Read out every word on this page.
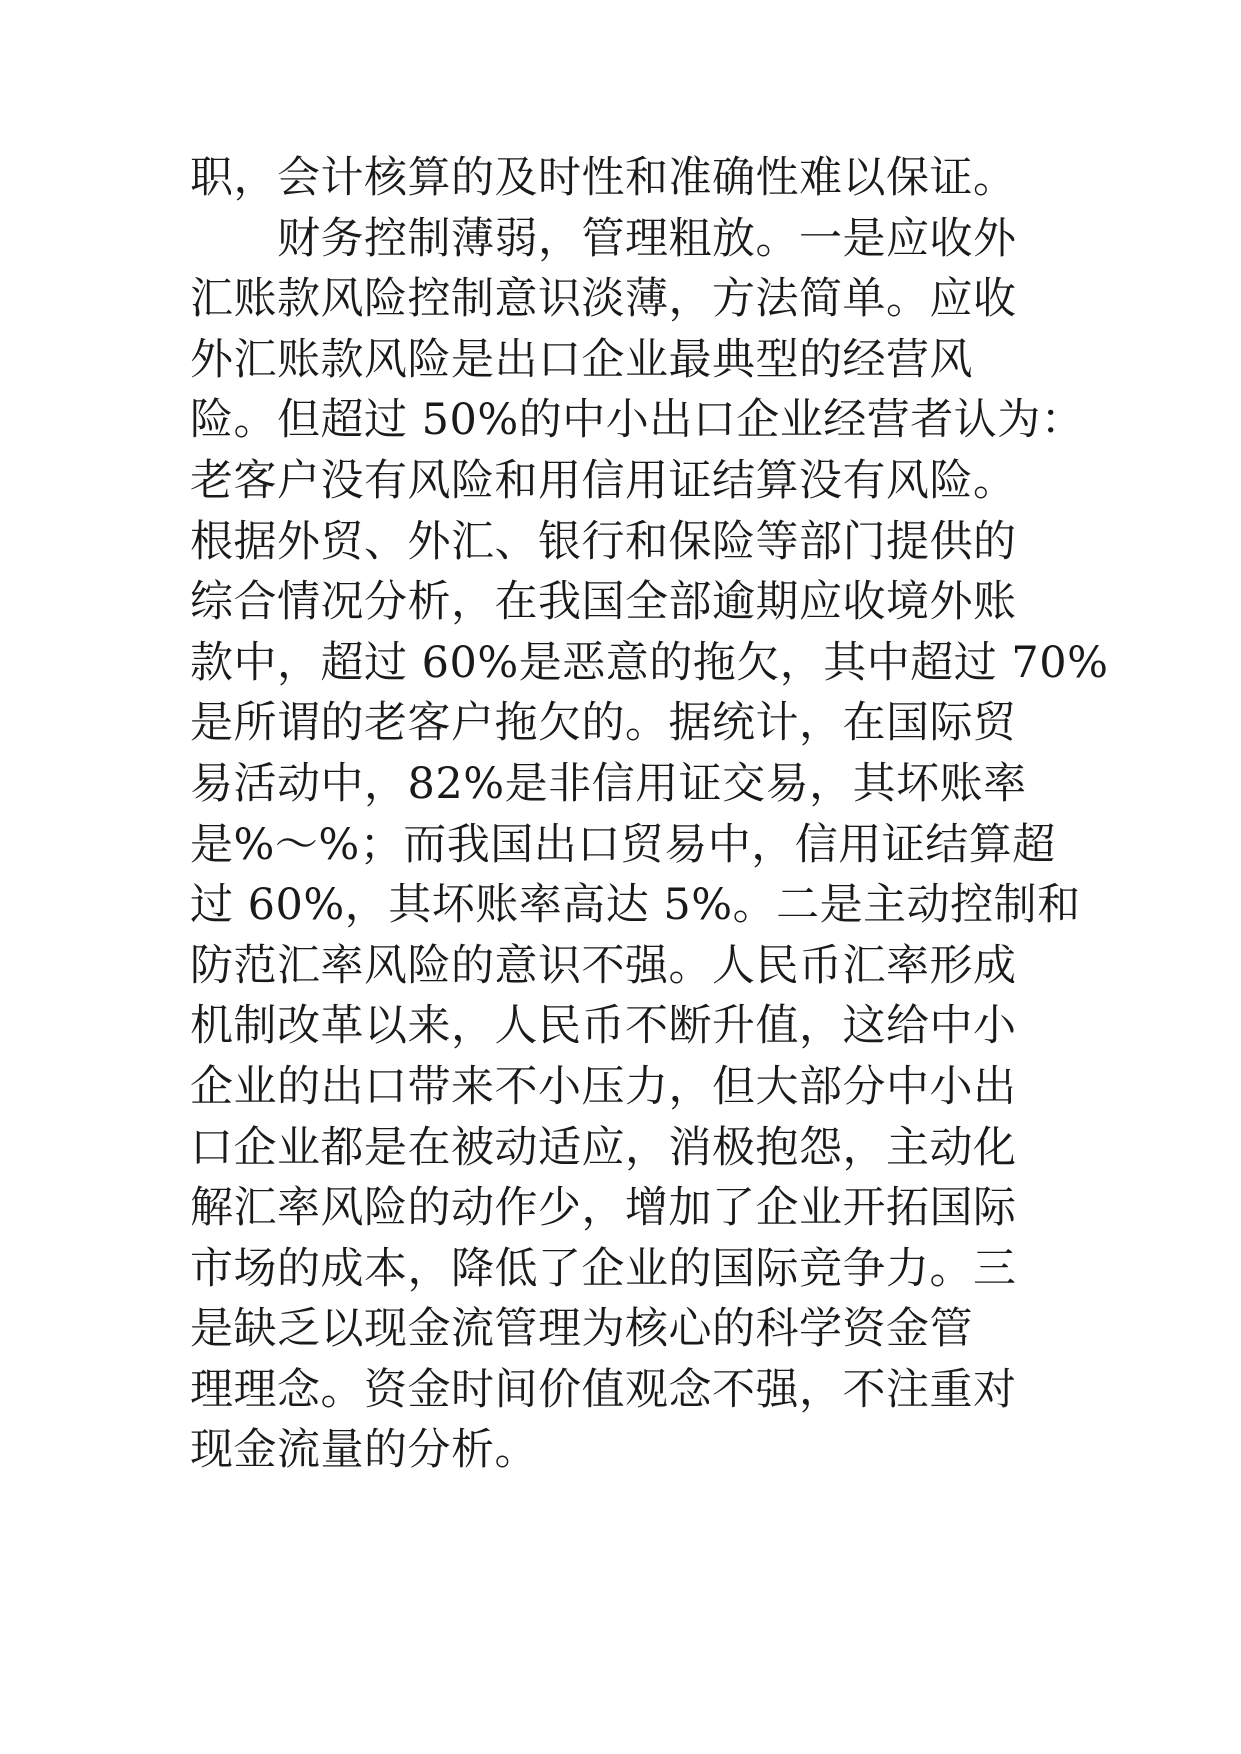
职，会计核算的及时性和准确性难以保证。
　　财务控制薄弱，管理粗放。一是应收外
汇账款风险控制意识淡薄，方法简单。应收
外汇账款风险是出口企业最典型的经营风
险。但超过 50%的中小出口企业经营者认为：
老客户没有风险和用信用证结算没有风险。
根据外贸、外汇、银行和保险等部门提供的
综合情况分析，在我国全部逾期应收境外账
款中，超过 60%是恶意的拖欠，其中超过 70%
是所谓的老客户拖欠的。据统计，在国际贸
易活动中，82%是非信用证交易，其坏账率
是%～%；而我国出口贸易中，信用证结算超
过 60%，其坏账率高达 5%。二是主动控制和
防范汇率风险的意识不强。人民币汇率形成
机制改革以来，人民币不断升值，这给中小
企业的出口带来不小压力，但大部分中小出
口企业都是在被动适应，消极抱怨，主动化
解汇率风险的动作少，增加了企业开拓国际
市场的成本，降低了企业的国际竞争力。三
是缺乏以现金流管理为核心的科学资金管
理理念。资金时间价值观念不强，不注重对
现金流量的分析。
